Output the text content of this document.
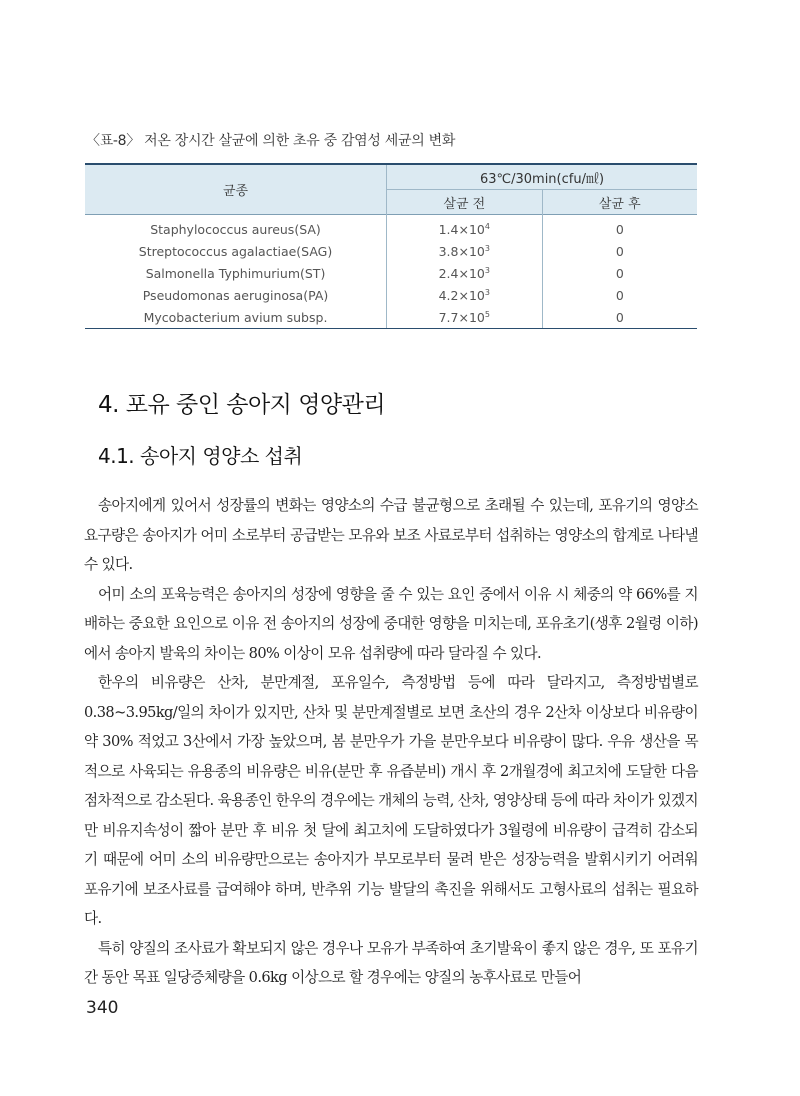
〈표-8〉 저온 장시간 살균에 의한 초유 중 감염성 세균의 변화
균종	63℃/30min(cfu/㎖)	
	살균 전	살균 후
Staphylococcus aureus(SA)	$1.4\times 10^4$	0
Streptococcus agalactiae(SAG)	$3.8\times 10^3$	0
Salmonella Typhimurium(ST)	$2.4\times 10^3$	0
Pseudomonas aeruginosa(PA)	$4.2\times 10^3$	0
Mycobacterium avium subsp.	$7.7\times 10^5$	0
4. 포유 중인 송아지 영양관리
4.1. 송아지 영양소 섭취

송아지에게 있어서 성장률의 변화는 영양소의 수급 불균형으로 초래될 수 있는데, 포유기의 영양소 요구량은 송아지가 어미 소로부터 공급받는 모유와 보조 사료로부터 섭취하는 영양소의 합계로 나타낼 수 있다.

어미 소의 포육능력은 송아지의 성장에 영향을 줄 수 있는 요인 중에서 이유 시 체중의 약 66%를 지배하는 중요한 요인으로 이유 전 송아지의 성장에 중대한 영향을 미치는데, 포유초기(생후 2월령 이하)에서 송아지 발육의 차이는 80% 이상이 모유 섭취량에 따라 달라질 수 있다.

한우의 비유량은 산차, 분만계절, 포유일수, 측정방법 등에 따라 달라지고, 측정방법별로 0.38~3.95kg/일의 차이가 있지만, 산차 및 분만계절별로 보면 초산의 경우 2산차 이상보다 비유량이 약 30% 적었고 3산에서 가장 높았으며, 봄 분만우가 가을 분만우보다 비유량이 많다. 우유 생산을 목적으로 사육되는 유용종의 비유량은 비유(분만 후 유즙분비) 개시 후 2개월경에 최고치에 도달한 다음 점차적으로 감소된다. 육용종인 한우의 경우에는 개체의 능력, 산차, 영양상태 등에 따라 차이가 있겠지만 비유지속성이 짧아 분만 후 비유 첫 달에 최고치에 도달하였다가 3월령에 비유량이 급격히 감소되기 때문에 어미 소의 비유량만으로는 송아지가 부모로부터 물려 받은 성장능력을 발휘시키기 어려워 포유기에 보조사료를 급여해야 하며, 반추위 기능 발달의 촉진을 위해서도 고형사료의 섭취는 필요하다.

특히 양질의 조사료가 확보되지 않은 경우나 모유가 부족하여 초기발육이 좋지 않은 경우, 또 포유기간 동안 목표 일당증체량을 0.6kg 이상으로 할 경우에는 양질의 농후사료로 만들어

340
